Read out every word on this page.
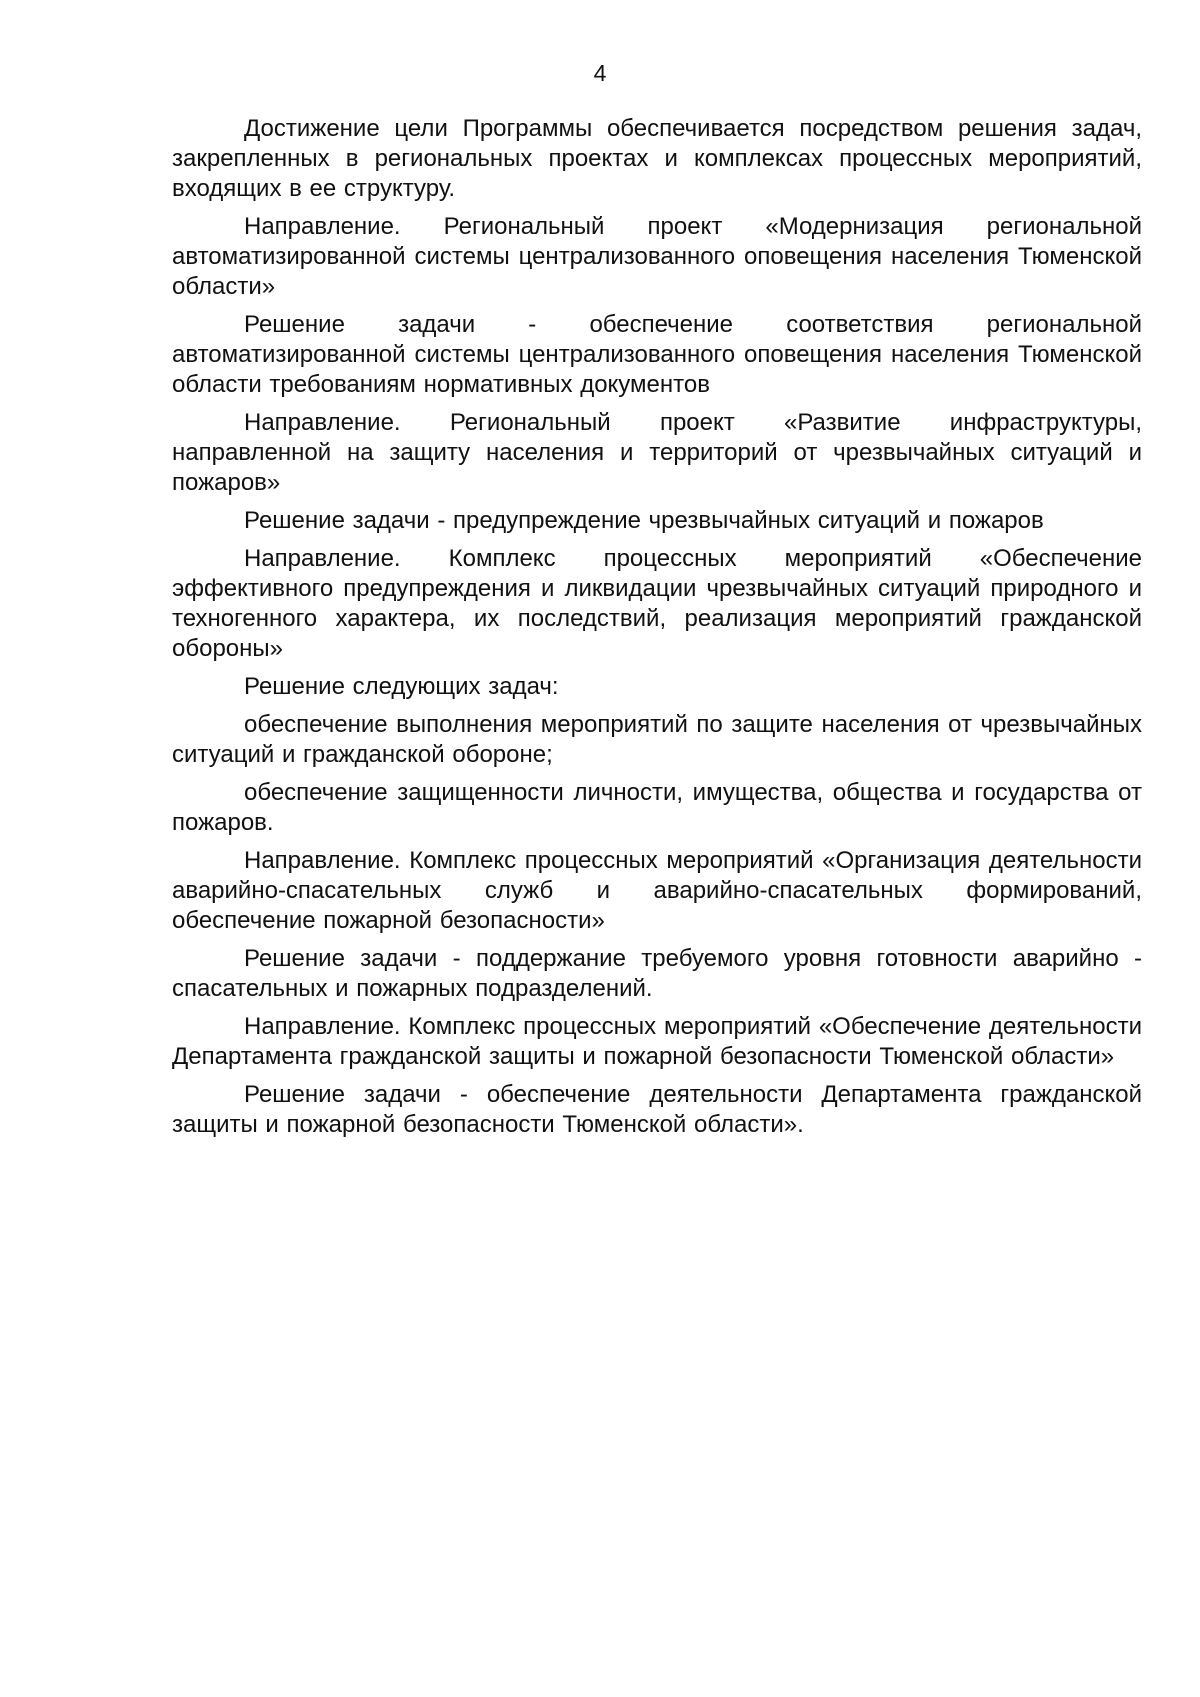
4

Достижение цели Программы обеспечивается посредством решения задач, закрепленных в региональных проектах и комплексах процессных мероприятий, входящих в ее структуру.

Направление. Региональный проект «Модернизация региональной автоматизированной системы централизованного оповещения населения Тюменской области»

Решение задачи - обеспечение соответствия региональной автоматизированной системы централизованного оповещения населения Тюменской области требованиям нормативных документов

Направление. Региональный проект «Развитие инфраструктуры, направленной на защиту населения и территорий от чрезвычайных ситуаций и пожаров»

Решение задачи - предупреждение чрезвычайных ситуаций и пожаров

Направление. Комплекс процессных мероприятий «Обеспечение эффективного предупреждения и ликвидации чрезвычайных ситуаций природного и техногенного характера, их последствий, реализация мероприятий гражданской обороны»

Решение следующих задач:

обеспечение выполнения мероприятий по защите населения от чрезвычайных ситуаций и гражданской обороне;

обеспечение защищенности личности, имущества, общества и государства от пожаров.

Направление. Комплекс процессных мероприятий «Организация деятельности аварийно-спасательных служб и аварийно-спасательных формирований, обеспечение пожарной безопасности»

Решение задачи - поддержание требуемого уровня готовности аварийно - спасательных и пожарных подразделений.

Направление. Комплекс процессных мероприятий «Обеспечение деятельности Департамента гражданской защиты и пожарной безопасности Тюменской области»

Решение задачи - обеспечение деятельности Департамента гражданской защиты и пожарной безопасности Тюменской области».
